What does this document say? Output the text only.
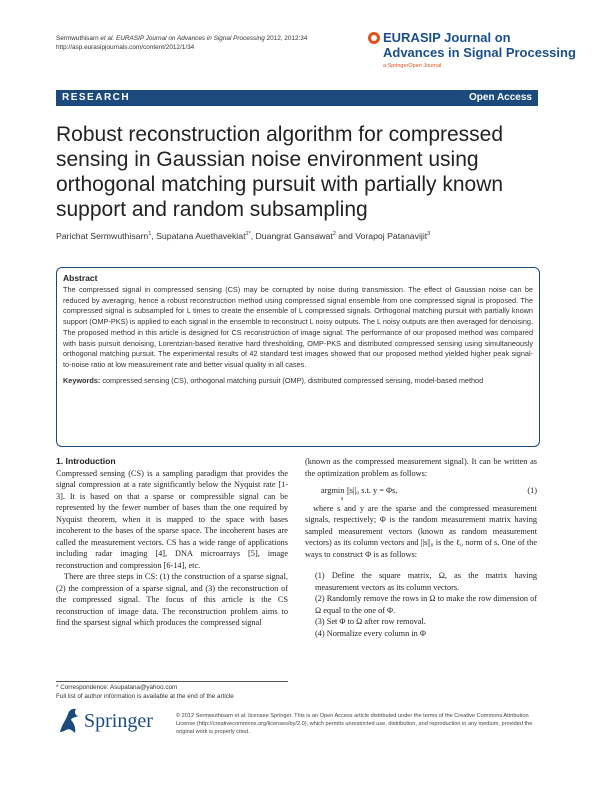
Sermwuthisarn et al. EURASIP Journal on Advances in Signal Processing 2012, 2012:34
http://asp.eurasipjournals.com/content/2012/1/34
EURASIP Journal on
Advances in Signal Processing
a SpringerOpen Journal
RESEARCH	Open Access
Robust reconstruction algorithm for compressed sensing in Gaussian noise environment using orthogonal matching pursuit with partially known support and random subsampling
Parichat Sermwuthisarn$^1$, Supatana Auethavekiat$^{1*}$, Duangrat Gansawat$^2$ and Vorapoj Patanavijit$^3$
Abstract
The compressed signal in compressed sensing (CS) may be corrupted by noise during transmission. The effect of Gaussian noise can be reduced by averaging, hence a robust reconstruction method using compressed signal ensemble from one compressed signal is proposed. The compressed signal is subsampled for L times to create the ensemble of L compressed signals. Orthogonal matching pursuit with partially known support (OMP-PKS) is applied to each signal in the ensemble to reconstruct L noisy outputs. The L noisy outputs are then averaged for denoising. The proposed method in this article is designed for CS reconstruction of image signal. The performance of our proposed method was compared with basis pursuit denoising, Lorentzian-based iterative hard thresholding, OMP-PKS and distributed compressed sensing using simultaneously orthogonal matching pursuit. The experimental results of 42 standard test images showed that our proposed method yielded higher peak signal-to-noise ratio at low measurement rate and better visual quality in all cases.
Keywords: compressed sensing (CS), orthogonal matching pursuit (OMP), distributed compressed sensing, model-based method
1. Introduction
Compressed sensing (CS) is a sampling paradigm that provides the signal compression at a rate significantly below the Nyquist rate [1-3]. It is based on that a sparse or compressible signal can be represented by the fewer number of bases than the one required by Nyquist theorem, when it is mapped to the space with bases incoherent to the bases of the sparse space. The incoherent bases are called the measurement vectors. CS has a wide range of applications including radar imaging [4], DNA microarrays [5], image reconstruction and compression [6-14], etc.
There are three steps in CS: (1) the construction of a sparse signal, (2) the compression of a sparse signal, and (3) the reconstruction of the compressed signal. The focus of this article is the CS reconstruction of image data. The reconstruction problem aims to find the sparsest signal which produces the compressed signal
(known as the compressed measurement signal). It can be written as the optimization problem as follows:
argmin ||s||₀ s.t. y = Φs,	(1)
s
where s and y are the sparse and the compressed measurement signals, respectively; Φ is the random measurement matrix having sampled measurement vectors (known as random measurement vectors) as its column vectors and ||s||₀ is the ℓ₀ norm of s. One of the ways to construct Φ is as follows:

(1) Define the square matrix, Ω, as the matrix having measurement vectors as its column vectors.

(2) Randomly remove the rows in Ω to make the row dimension of Ω equal to the one of Φ.

(3) Set Φ to Ω after row removal.

(4) Normalize every column in Φ

* Correspondence: Asupatana@yahoo.com
Full list of author information is available at the end of the article
Springer	© 2012 Sermwuthisarn et al; licensee Springer. This is an Open Access article distributed under the terms of the Creative Commons Attribution License (http://creativecommons.org/licenses/by/2.0), which permits unrestricted use, distribution, and reproduction in any medium, provided the original work is properly cited.
